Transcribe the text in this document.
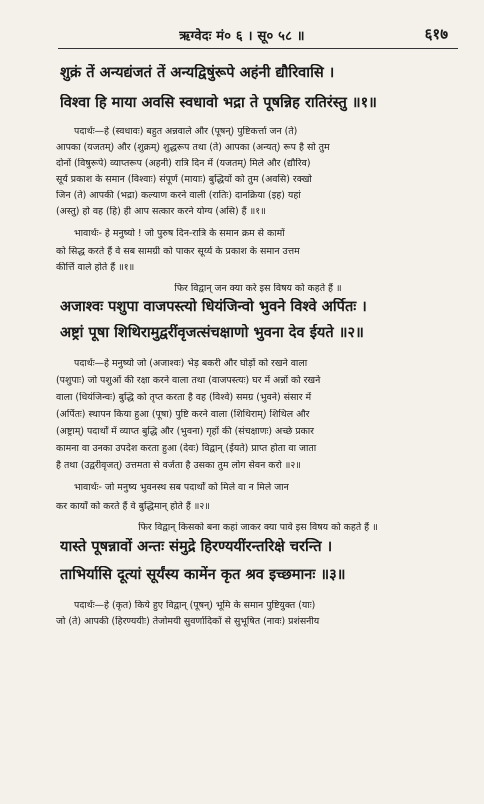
ऋग्वेदः मं० ६ । सू० ५८ ॥	६१७
शुक्रं तें अन्यद्यंजतं तें अन्यद्विषुंरूपे अहंनी द्यौरिवासि ।
विश्वा हि माया अवसि स्वधावो भद्रा ते पूषन्निह रातिरंस्तु ॥१॥
पदार्थः—हे (स्वधावः) बहुत अन्नवाले और (पूषन्) पुष्टिकर्त्ता जन (ते)
आपका (यजतम्) और (शुक्रम्) शुद्धरूप तथा (ते) आपका (अन्यत्) रूप है सो तुम
दोनों (विषुरूपे) व्याप्तरूप (अहनी) रात्रि दिन में (यजतम्) मिले और (द्यौरिव)
सूर्य प्रकाश के समान (विश्वाः) संपूर्ण (मायाः) बुद्धियों को तुम (अवसि) रक्खो
जिन (ते) आपकी (भद्रा) कल्याण करने वाली (रातिः) दानक्रिया (इह) यहां
(अस्तु) हो वह (हि) ही आप सत्कार करने योग्य (असि) हैं ॥१॥
भावार्थः- हे मनुष्यो ! जो पुरुष दिन-रात्रि के समान क्रम से कामों
को सिद्ध करते हैं वे सब सामग्री को पाकर सूर्य्य के प्रकाश के समान उत्तम
कीर्त्ति वाले होते हैं ॥१॥
फिर विद्वान् जन क्या करे इस विषय को कहते हैं ॥
अजाश्वः पशुपा वाजपस्त्यो धियंजिन्वो भुवने विश्वे अर्पितः ।
अष्ट्रां पूषा शिथिरामुद्वरींवृजत्संचक्षाणो भुवना देव ईयते ॥२॥
पदार्थः—हे मनुष्यो जो (अजाश्वः) भेड़ बकरी और घोड़ों को रखने वाला
(पशुपाः) जो पशुओं की रक्षा करने वाला तथा (वाजपस्त्यः) घर में अन्नों को रखने
वाला (धियंजिन्वः) बुद्धि को तृप्त करता है वह (विश्वे) समग्र (भुवने) संसार में
(अर्पितः) स्थापन किया हुआ (पूषा) पुष्टि करने वाला (शिथिराम्) शिथिल और
(अष्ट्राम्) पदार्थों में व्याप्त बुद्धि और (भुवना) गृहों की (संचक्षाणः) अच्छे प्रकार
कामना वा उनका उपदेश करता हुआ (देवः) विद्वान् (ईयते) प्राप्त होता वा जाता
है तथा (उद्वरीवृजत्) उत्तमता से वर्जता है उसका तुम लोग सेवन करो ॥२॥
भावार्थः- जो मनुष्य भुवनस्थ सब पदार्थों को मिले वा न मिले जान
कर कार्यों को करते हैं वे बुद्धिमान् होते हैं ॥२॥
फिर विद्वान् किसको बना कहां जाकर क्या पावे इस विषय को कहते हैं ॥
यास्ते पूषन्नावों अन्तः संमुद्रे हिरण्ययींरन्तरिक्षे चरन्ति ।
ताभिर्यासि दूत्यां सूर्यंस्य कामेंन कृत श्रव इच्छमानः ॥३॥
पदार्थः—हे (कृत) किये हुए विद्वान् (पूषन्) भूमि के समान पुष्टियुक्त (याः)
जो (ते) आपकी (हिरण्ययीः) तेजोमयी सुवर्णादिकों से सुभूषित (नावः) प्रशंसनीय
